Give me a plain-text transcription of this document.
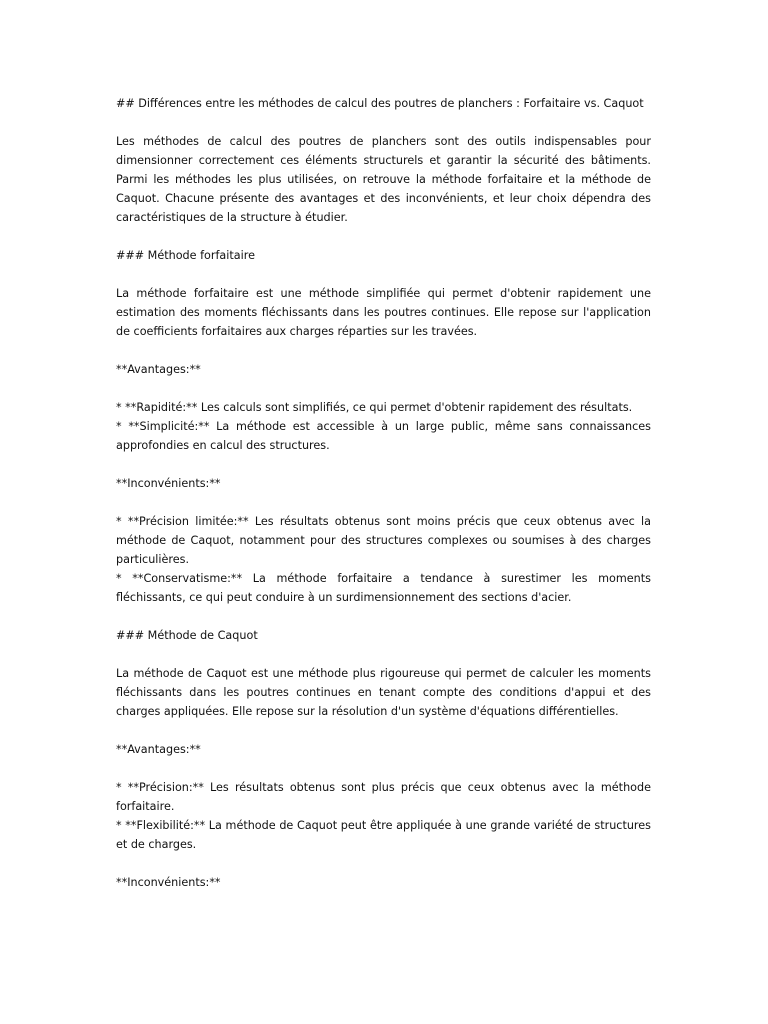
## Différences entre les méthodes de calcul des poutres de planchers : Forfaitaire vs. Caquot

Les méthodes de calcul des poutres de planchers sont des outils indispensables pour dimensionner correctement ces éléments structurels et garantir la sécurité des bâtiments. Parmi les méthodes les plus utilisées, on retrouve la méthode forfaitaire et la méthode de Caquot. Chacune présente des avantages et des inconvénients, et leur choix dépendra des caractéristiques de la structure à étudier.

### Méthode forfaitaire

La méthode forfaitaire est une méthode simplifiée qui permet d'obtenir rapidement une estimation des moments fléchissants dans les poutres continues. Elle repose sur l'application de coefficients forfaitaires aux charges réparties sur les travées.

**Avantages:**

* **Rapidité:** Les calculs sont simplifiés, ce qui permet d'obtenir rapidement des résultats.

* **Simplicité:** La méthode est accessible à un large public, même sans connaissances approfondies en calcul des structures.

**Inconvénients:**

* **Précision limitée:** Les résultats obtenus sont moins précis que ceux obtenus avec la méthode de Caquot, notamment pour des structures complexes ou soumises à des charges particulières.

* **Conservatisme:** La méthode forfaitaire a tendance à surestimer les moments fléchissants, ce qui peut conduire à un surdimensionnement des sections d'acier.

### Méthode de Caquot

La méthode de Caquot est une méthode plus rigoureuse qui permet de calculer les moments fléchissants dans les poutres continues en tenant compte des conditions d'appui et des charges appliquées. Elle repose sur la résolution d'un système d'équations différentielles.

**Avantages:**

* **Précision:** Les résultats obtenus sont plus précis que ceux obtenus avec la méthode forfaitaire.

* **Flexibilité:** La méthode de Caquot peut être appliquée à une grande variété de structures et de charges.

**Inconvénients:**
